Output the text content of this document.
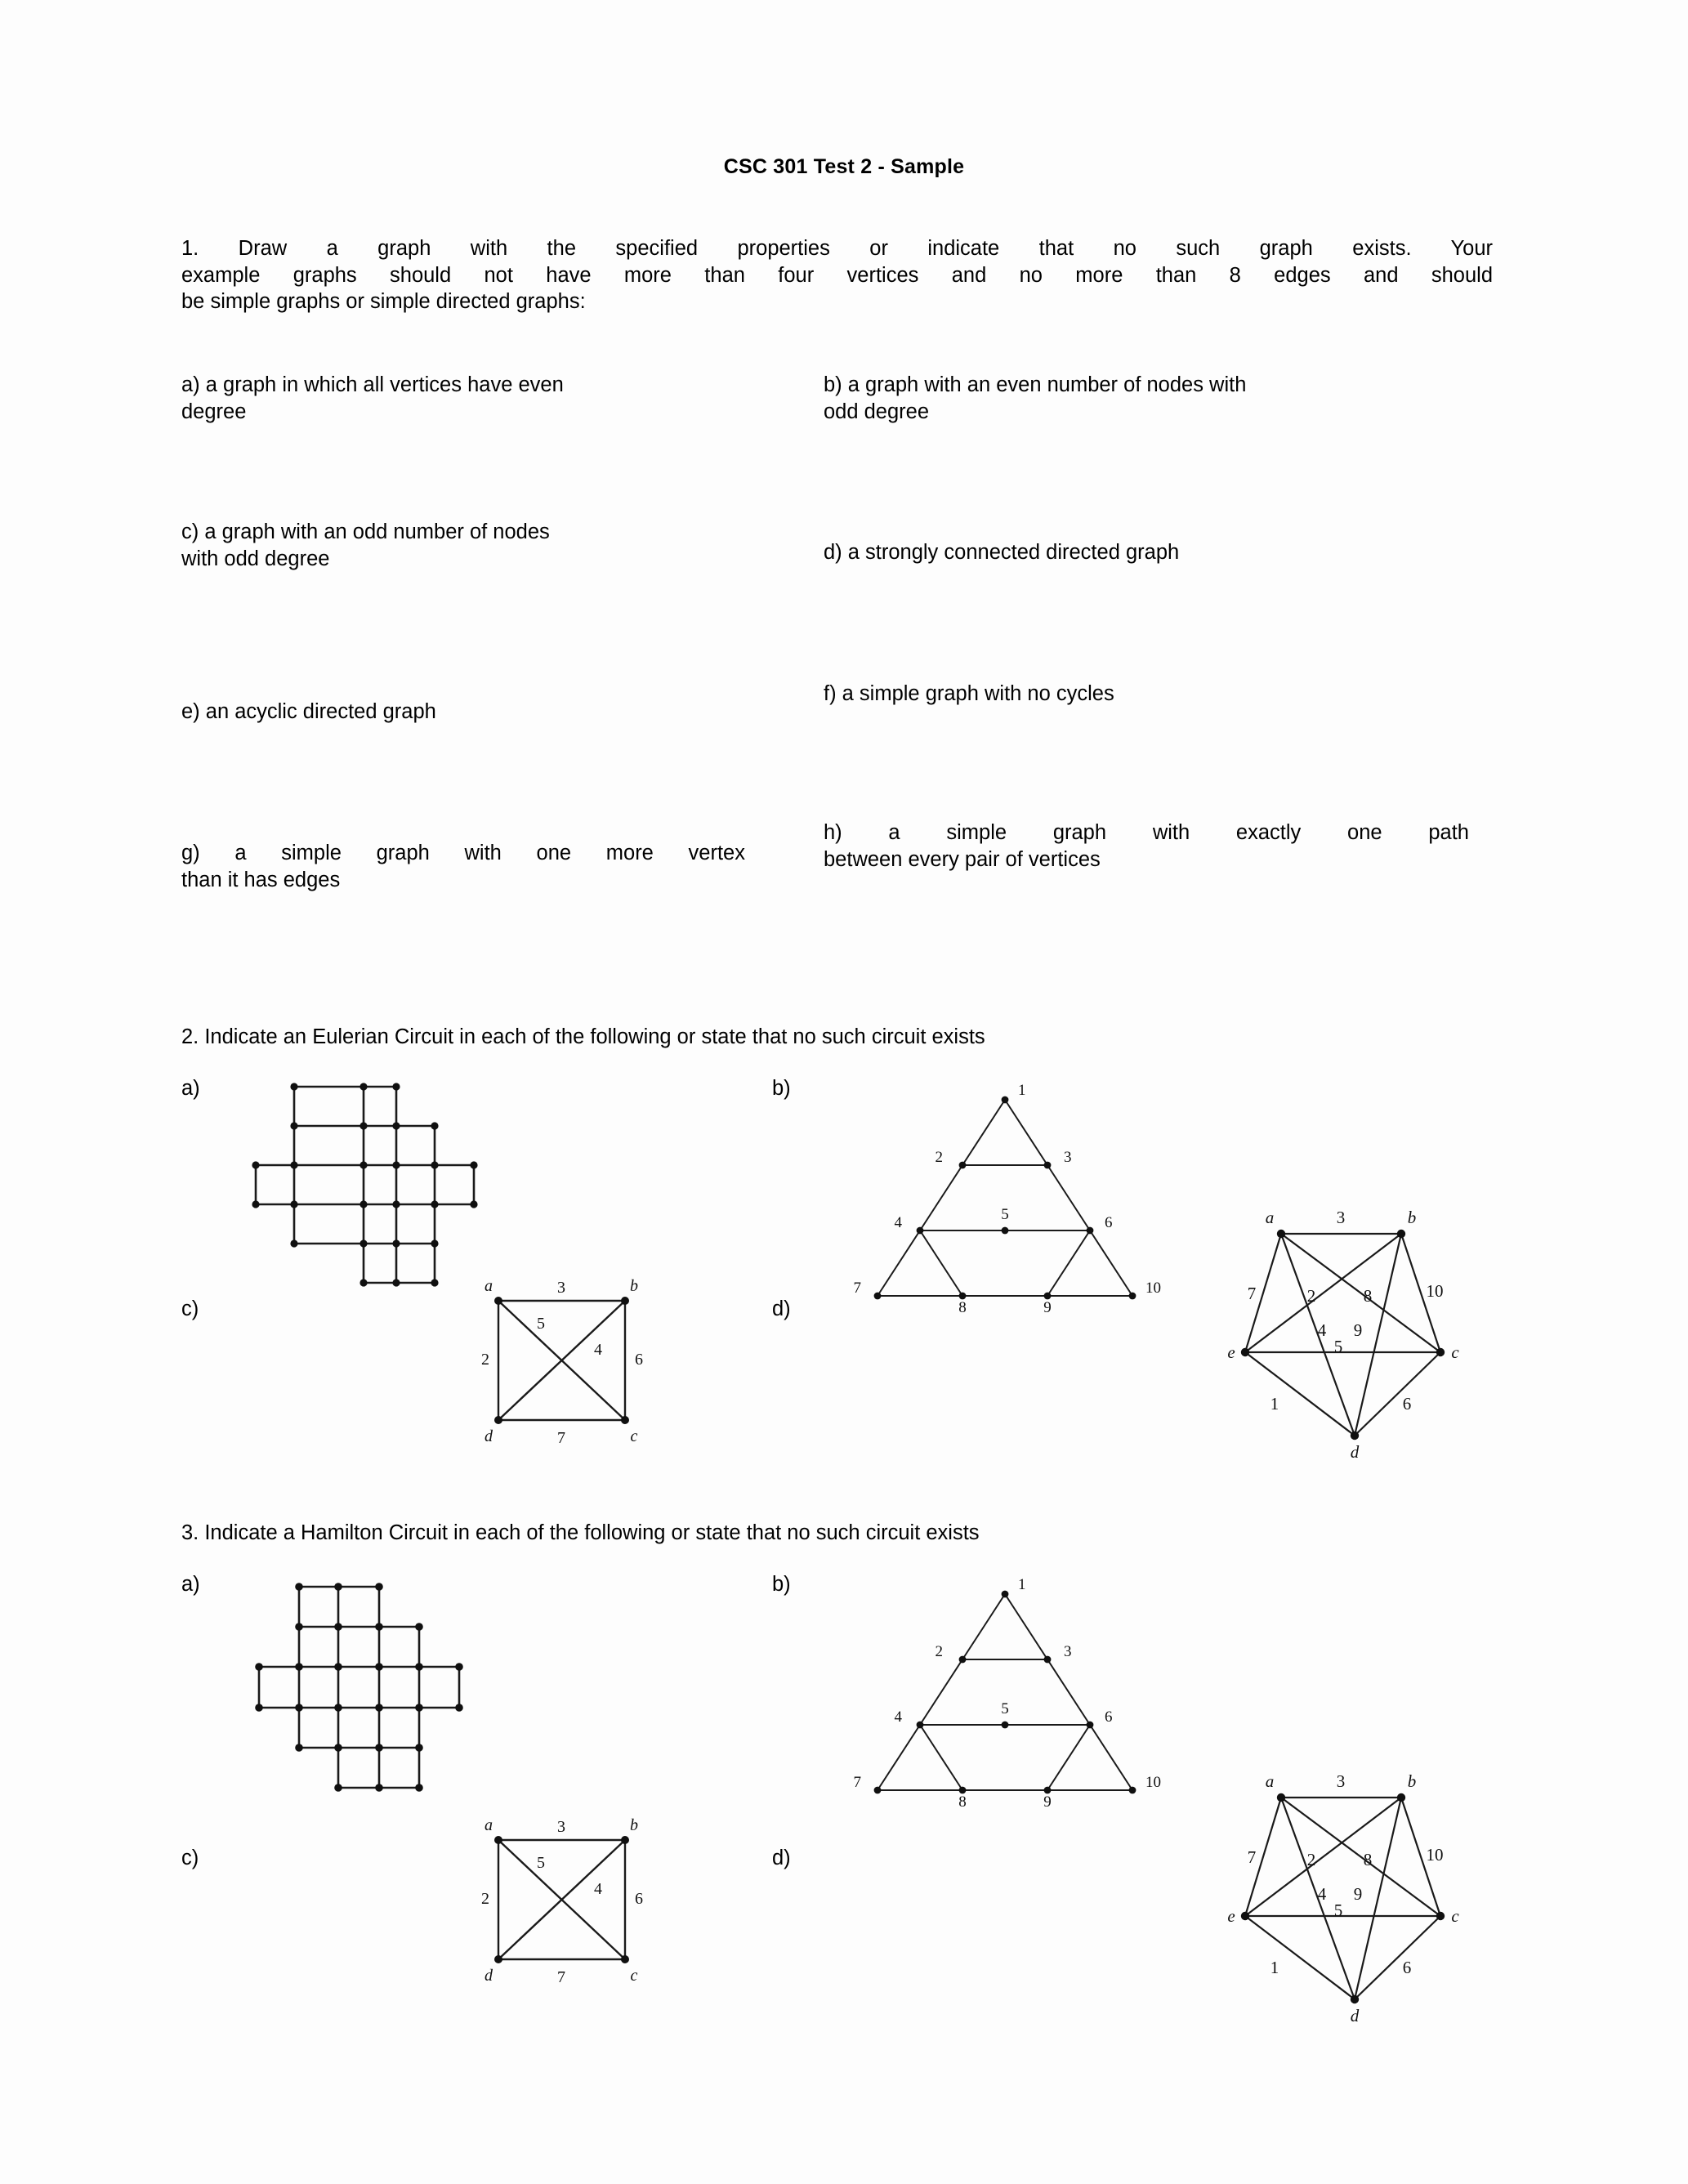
CSC 301 Test 2 - Sample
1. Draw a graph with the specified properties or indicate that no such graph exists. Your
example graphs should not have more than four vertices and no more than 8 edges and should
be simple graphs or simple directed graphs:
a) a graph in which all vertices have even
degree
b) a graph with an even number of nodes with
odd degree
c) a graph with an odd number of nodes
with odd degree	d) a strongly connected directed graph
e) an acyclic directed graph
f) a simple graph with no cycles
g) a simple graph with one more vertex
than it has edges
h) a simple graph with exactly one path
between every pair of vertices
2. Indicate an Eulerian Circuit in each of the following or state that no such circuit exists
a)	b)
c)	d)
1
2	3
4	5	6
7
8	9
10
a	b
d	c
3
2	6
7
5
4
a	b
c
d
e
3
10
6
1
7	2	8
4
5
9
3. Indicate a Hamilton Circuit in each of the following or state that no such circuit exists
a)	b)
c)	d)
1
2	3
4	5	6
7
8	9
10
a	b
d	c
3
2	6
7
5
4
a	b
c
d
e
3
10
6
1
7	2	8
4
5
9
